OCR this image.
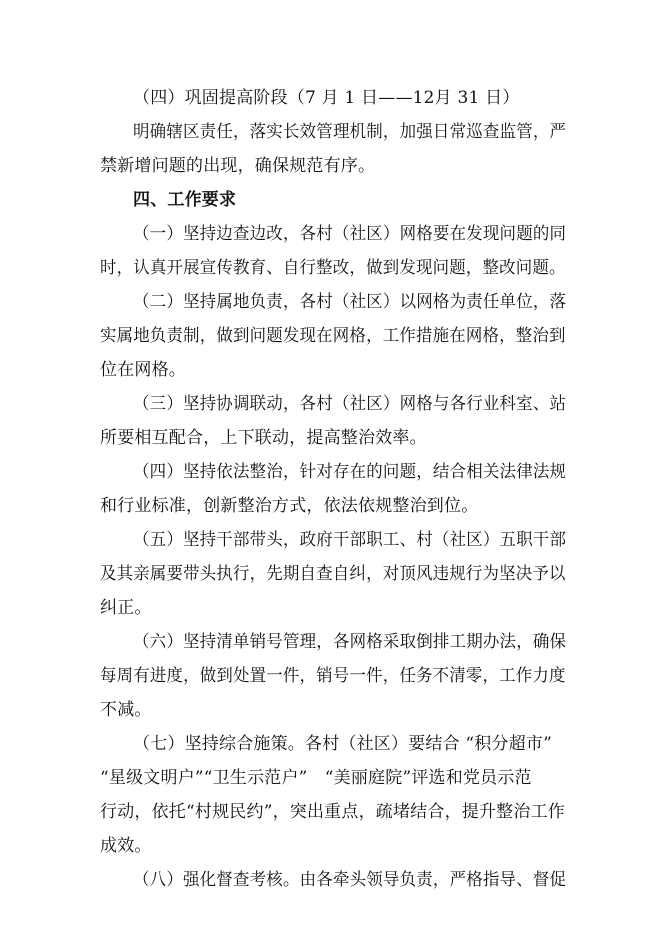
（四）巩固提高阶段（7 月 1 日——12月 31 日）
明确辖区责任，落实长效管理机制，加强日常巡查监管，严
禁新增问题的出现，确保规范有序。
四、工作要求
（一）坚持边查边改，各村（社区）网格要在发现问题的同
时，认真开展宣传教育、自行整改，做到发现问题，整改问题。
（二）坚持属地负责，各村（社区）以网格为责任单位，落
实属地负责制，做到问题发现在网格，工作措施在网格，整治到
位在网格。
（三）坚持协调联动，各村（社区）网格与各行业科室、站
所要相互配合，上下联动，提高整治效率。
（四）坚持依法整治，针对存在的问题，结合相关法律法规
和行业标准，创新整治方式，依法依规整治到位。
（五）坚持干部带头，政府干部职工、村（社区）五职干部
及其亲属要带头执行，先期自查自纠，对顶风违规行为坚决予以
纠正。
（六）坚持清单销号管理，各网格采取倒排工期办法，确保
每周有进度，做到处置一件，销号一件，任务不清零，工作力度
不减。
（七）坚持综合施策。各村（社区）要结合 “积分超市”
“星级文明户”“卫生示范户”　“美丽庭院”评选和党员示范
行动，依托“村规民约”，突出重点，疏堵结合，提升整治工作
成效。
（八）强化督查考核。由各牵头领导负责，严格指导、督促
